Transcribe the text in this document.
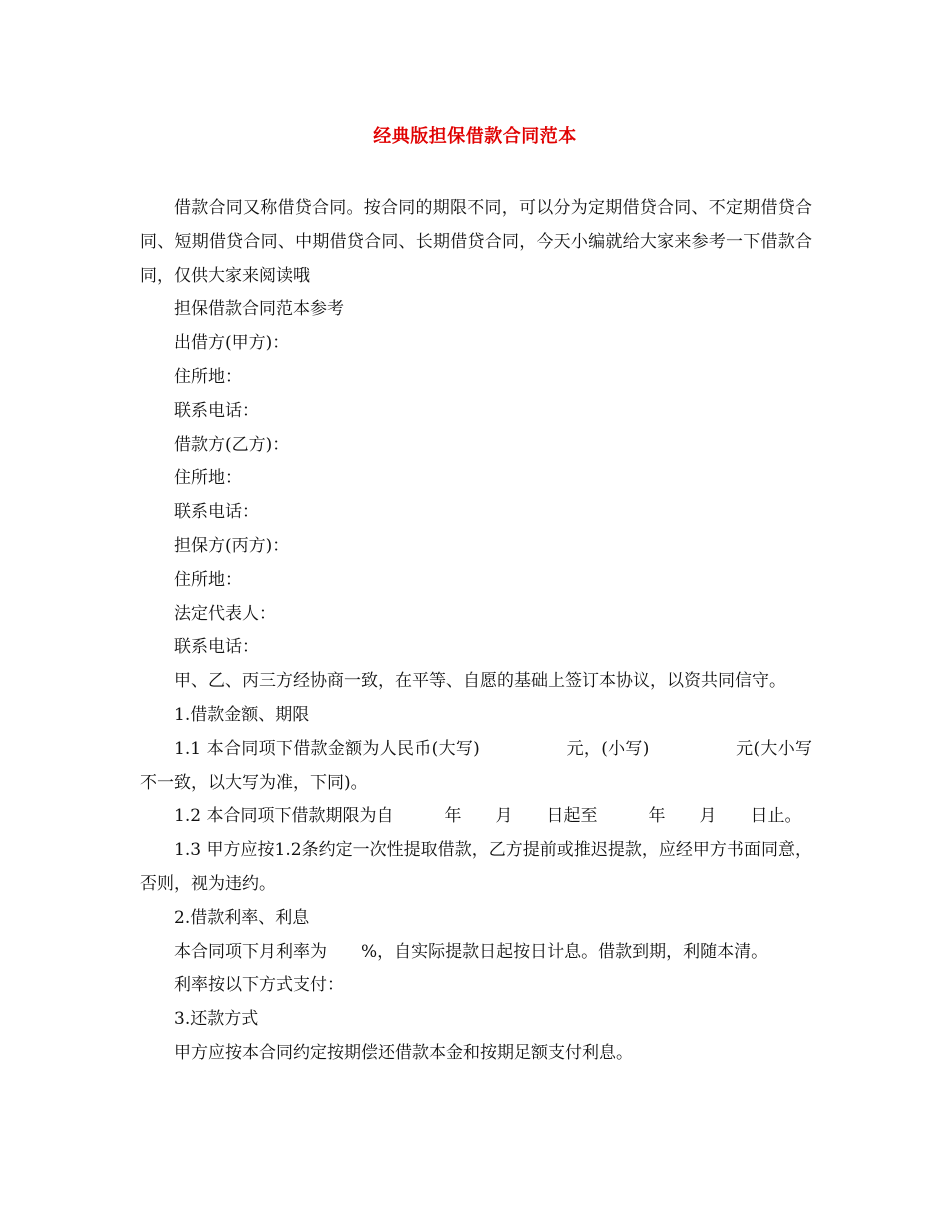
经典版担保借款合同范本

借款合同又称借贷合同。按合同的期限不同，可以分为定期借贷合同、不定期借贷合同、短期借贷合同、中期借贷合同、长期借贷合同，今天小编就给大家来参考一下借款合同，仅供大家来阅读哦

担保借款合同范本参考

出借方(甲方)：

住所地：

联系电话：

借款方(乙方)：

住所地：

联系电话：

担保方(丙方)：

住所地：

法定代表人：

联系电话：

甲、乙、丙三方经协商一致，在平等、自愿的基础上签订本协议，以资共同信守。

1.借款金额、期限

1.1 本合同项下借款金额为人民币(大写)　　　　　元，(小写)　　　　　元(大小写不一致，以大写为准，下同)。

1.2 本合同项下借款期限为自　　　年　　月　　日起至　　　年　　月　　日止。

1.3 甲方应按1.2条约定一次性提取借款，乙方提前或推迟提款，应经甲方书面同意，否则，视为违约。

2.借款利率、利息

本合同项下月利率为　　%，自实际提款日起按日计息。借款到期，利随本清。

利率按以下方式支付：

3.还款方式

甲方应按本合同约定按期偿还借款本金和按期足额支付利息。
